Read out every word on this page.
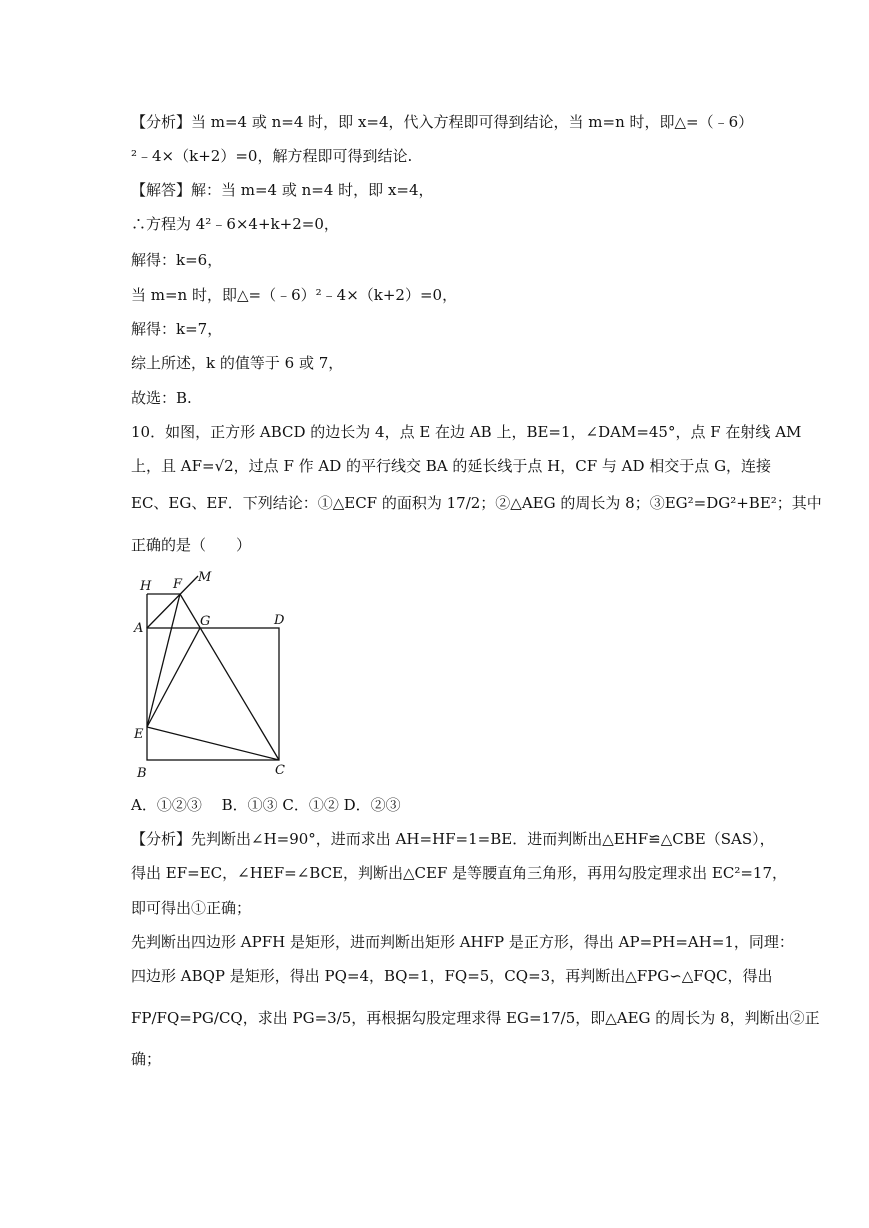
【分析】当 m=4 或 n=4 时，即 x=4，代入方程即可得到结论，当 m=n 时，即△=（﹣6）
²﹣4×（k+2）=0，解方程即可得到结论.
【解答】解：当 m=4 或 n=4 时，即 x=4，
∴方程为 4²﹣6×4+k+2=0，
解得：k=6，
当 m=n 时，即△=（﹣6）²﹣4×（k+2）=0，
解得：k=7，
综上所述，k 的值等于 6 或 7，
故选：B.
10．如图，正方形 ABCD 的边长为 4，点 E 在边 AB 上，BE=1，∠DAM=45°，点 F 在射线 AM
上，且 AF=√2，过点 F 作 AD 的平行线交 BA 的延长线于点 H，CF 与 AD 相交于点 G，连接
EC、EG、EF．下列结论：①△ECF 的面积为 17/2；②△AEG 的周长为 8；③EG²=DG²+BE²；其中
正确的是（　　）
H F M
A	G	D
E
B	C
A．①②③　 B．①③ C．①② D．②③
【分析】先判断出∠H=90°，进而求出 AH=HF=1=BE．进而判断出△EHF≌△CBE（SAS），
得出 EF=EC，∠HEF=∠BCE，判断出△CEF 是等腰直角三角形，再用勾股定理求出 EC²=17，
即可得出①正确；
先判断出四边形 APFH 是矩形，进而判断出矩形 AHFP 是正方形，得出 AP=PH=AH=1，同理：
四边形 ABQP 是矩形，得出 PQ=4，BQ=1，FQ=5，CQ=3，再判断出△FPG∽△FQC，得出
FP/FQ=PG/CQ，求出 PG=3/5，再根据勾股定理求得 EG=17/5，即△AEG 的周长为 8，判断出②正
确；
